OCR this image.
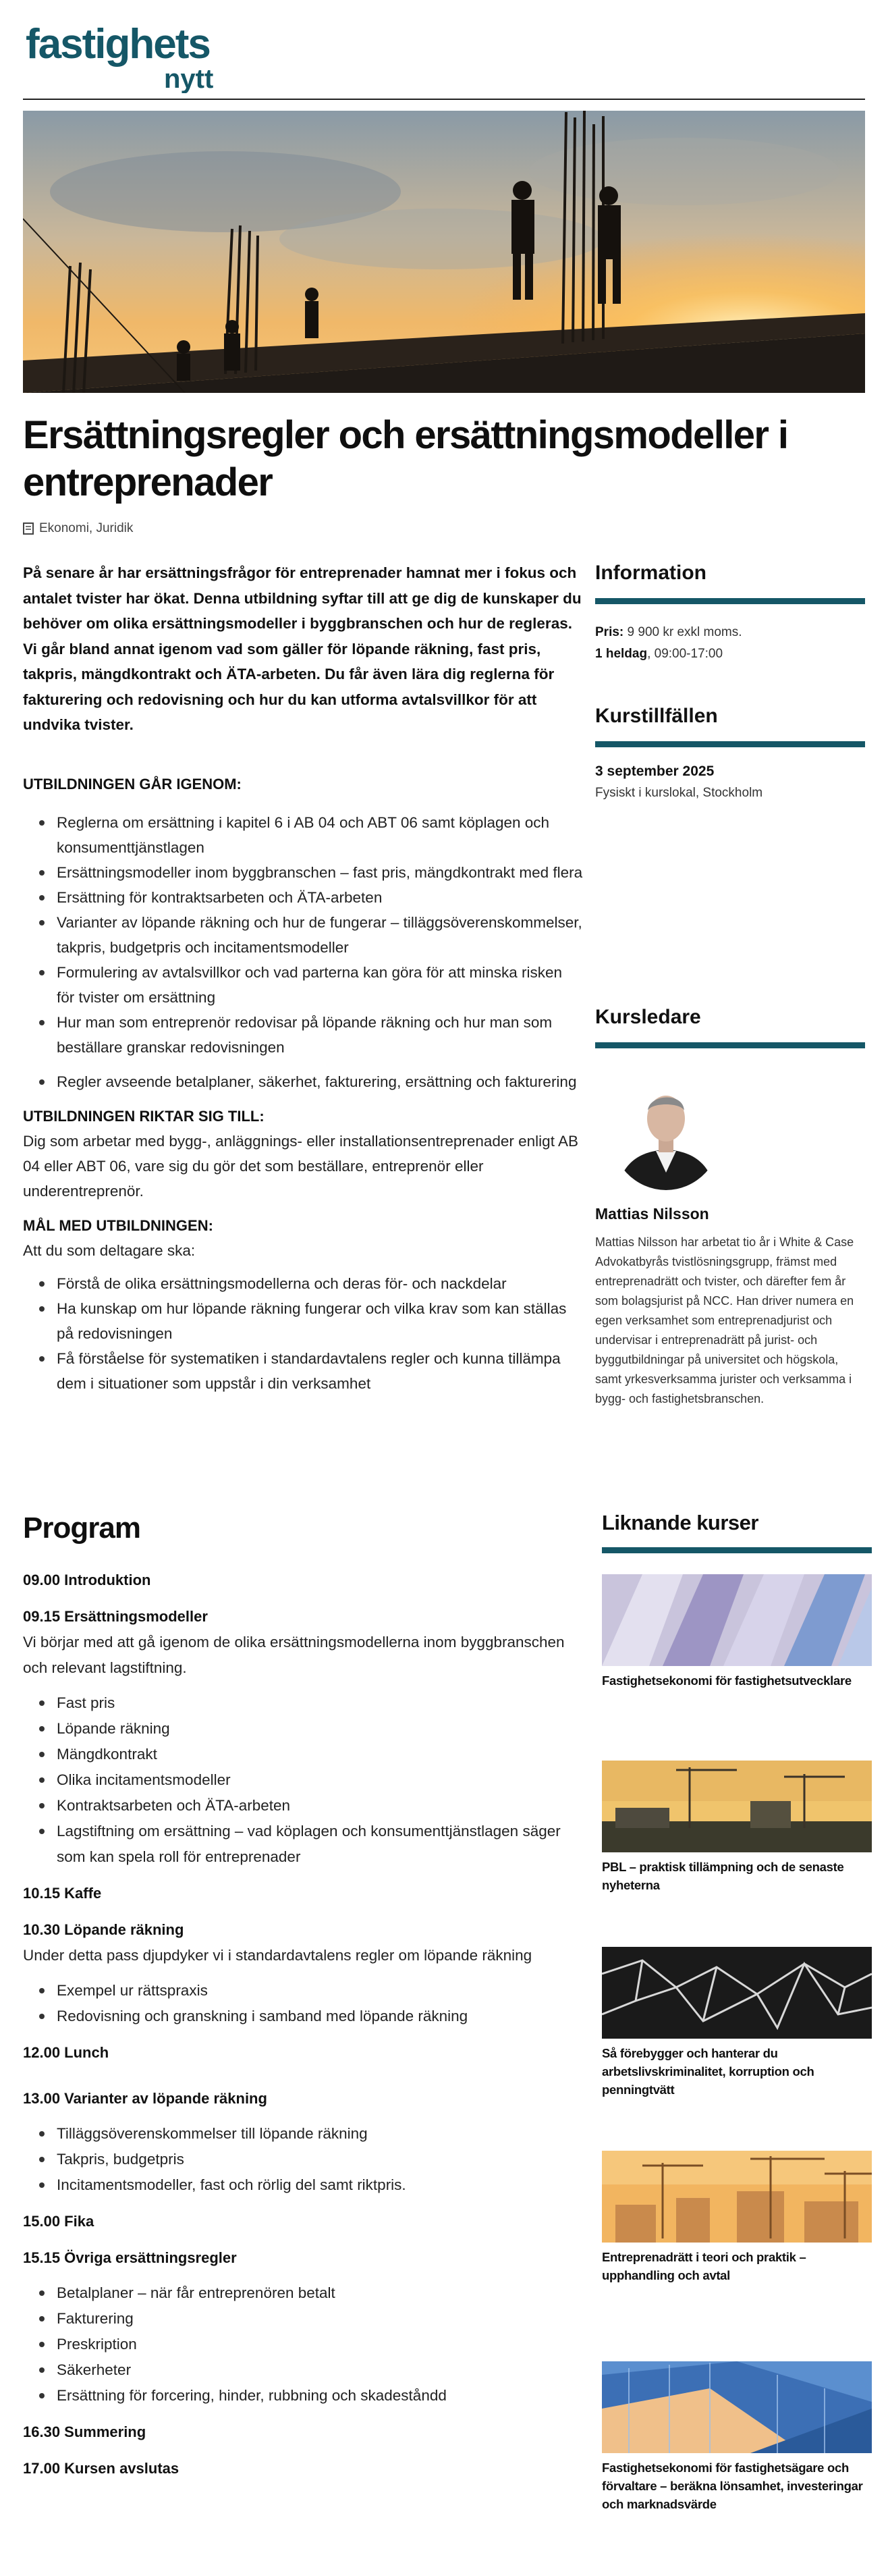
fastighets
nytt
Ersättningsregler och ersättningsmodeller i entreprenader
Ekonomi, Juridik

På senare år har ersättningsfrågor för entreprenader hamnat mer i fokus och antalet tvister har ökat. Denna utbildning syftar till att ge dig de kunskaper du behöver om olika ersättningsmodeller i byggbranschen och hur de regleras. Vi går bland annat igenom vad som gäller för löpande räkning, fast pris, takpris, mängdkontrakt och ÄTA-arbeten. Du får även lära dig reglerna för fakturering och redovisning och hur du kan utforma avtalsvillkor för att undvika tvister.

UTBILDNINGEN GÅR IGENOM:

Reglerna om ersättning i kapitel 6 i AB 04 och ABT 06 samt köplagen och konsumenttjänstlagen
Ersättningsmodeller inom byggbranschen – fast pris, mängdkontrakt med flera
Ersättning för kontraktsarbeten och ÄTA-arbeten
Varianter av löpande räkning och hur de fungerar – tilläggsöverenskommelser, takpris, budgetpris och incitamentsmodeller
Formulering av avtalsvillkor och vad parterna kan göra för att minska risken för tvister om ersättning
Hur man som entreprenör redovisar på löpande räkning och hur man som beställare granskar redovisningen
Regler avseende betalplaner, säkerhet, fakturering, ersättning och fakturering

UTBILDNINGEN RIKTAR SIG TILL:

Dig som arbetar med bygg-, anläggnings- eller installationsentreprenader enligt AB 04 eller ABT 06, vare sig du gör det som beställare, entreprenör eller underentreprenör.

MÅL MED UTBILDNINGEN:

Att du som deltagare ska:

Förstå de olika ersättningsmodellerna och deras för- och nackdelar
Ha kunskap om hur löpande räkning fungerar och vilka krav som kan ställas på redovisningen
Få förståelse för systematiken i standardavtalens regler och kunna tillämpa dem i situationer som uppstår i din verksamhet
Information

Pris: 9 900 kr exkl moms.

1 heldag, 09:00-17:00

Kurstillfällen

3 september 2025

Fysiskt i kurslokal, Stockholm

Kursledare

Mattias Nilsson

Mattias Nilsson har arbetat tio år i White & Case Advokatbyrås tvistlösningsgrupp, främst med entreprenadrätt och tvister, och därefter fem år som bolagsjurist på NCC. Han driver numera en egen verksamhet som entreprenadjurist och undervisar i entreprenadrätt på jurist- och byggutbildningar på universitet och högskola, samt yrkesverksamma jurister och verksamma i bygg- och fastighetsbranschen.

Program

09.00 Introduktion

09.15 Ersättningsmodeller

Vi börjar med att gå igenom de olika ersättningsmodellerna inom byggbranschen och relevant lagstiftning.

Fast pris
Löpande räkning
Mängdkontrakt
Olika incitamentsmodeller
Kontraktsarbeten och ÄTA-arbeten
Lagstiftning om ersättning – vad köplagen och konsumenttjänstlagen säger som kan spela roll för entreprenader

10.15 Kaffe

10.30 Löpande räkning

Under detta pass djupdyker vi i standardavtalens regler om löpande räkning

Exempel ur rättspraxis
Redovisning och granskning i samband med löpande räkning

12.00 Lunch

13.00 Varianter av löpande räkning

Tilläggsöverenskommelser till löpande räkning
Takpris, budgetpris
Incitamentsmodeller, fast och rörlig del samt riktpris.

15.00 Fika

15.15 Övriga ersättningsregler

Betalplaner – när får entreprenören betalt
Fakturering
Preskription
Säkerheter
Ersättning för forcering, hinder, rubbning och skadeståndd

16.30 Summering

17.00 Kursen avslutas

Liknande kurser

Fastighetsekonomi för fastighetsutvecklare

PBL – praktisk tillämpning och de senaste nyheterna

Så förebygger och hanterar du arbetslivskriminalitet, korruption och penningtvätt

Entreprenadrätt i teori och praktik – upphandling och avtal

Fastighetsekonomi för fastighetsägare och förvaltare – beräkna lönsamhet, investeringar och marknadsvärde
